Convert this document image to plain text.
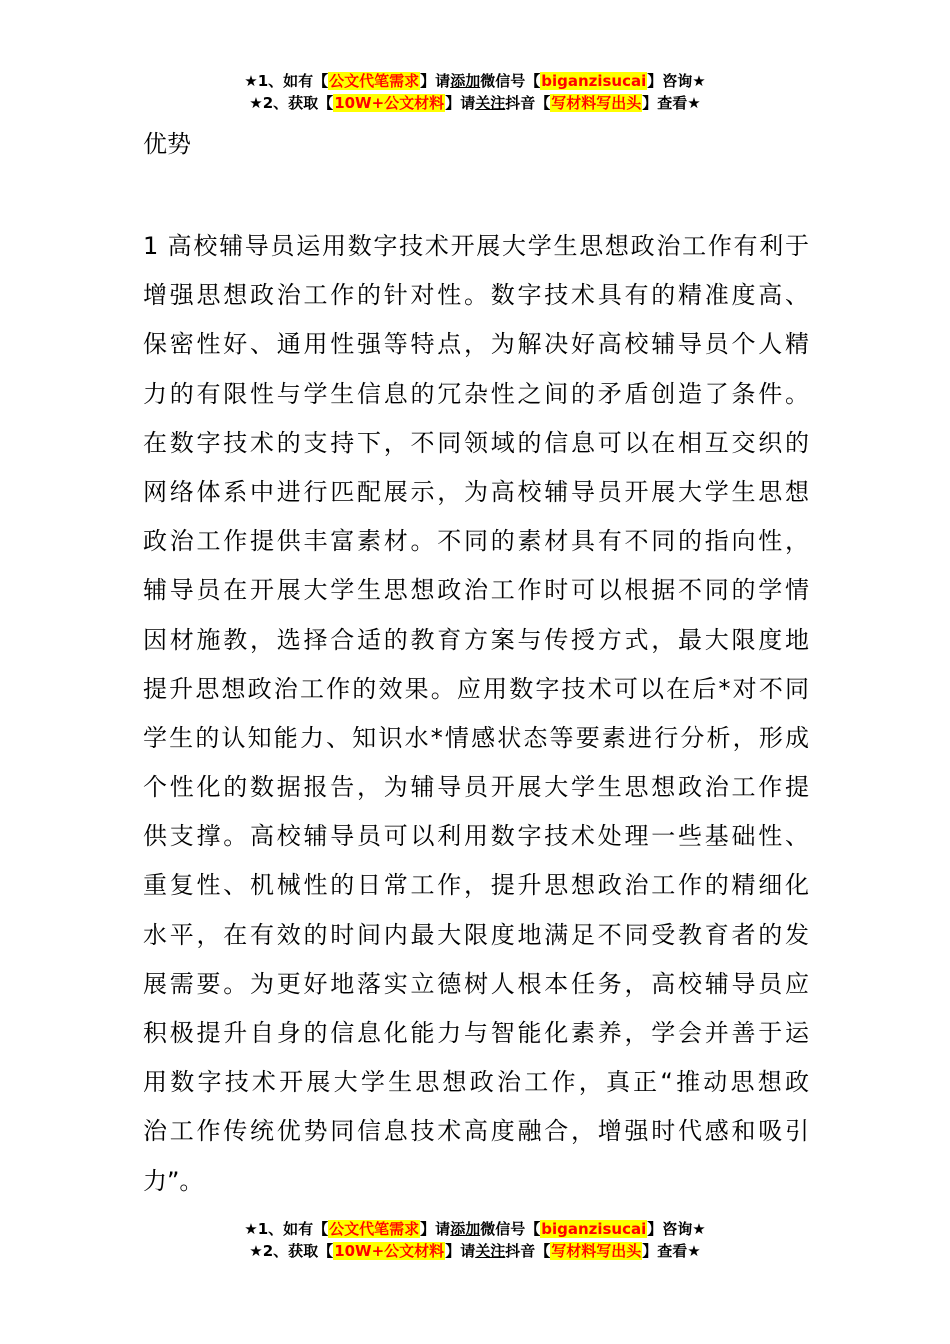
★1、如有【公文代笔需求】请添加微信号【biganzisucai】咨询★
★2、获取【10W+公文材料】请关注抖音【写材料写出头】查看★
优势
1 高校辅导员运用数字技术开展大学生思想政治工作有利于
增强思想政治工作的针对性。数字技术具有的精准度高、
保密性好、通用性强等特点，为解决好高校辅导员个人精
力的有限性与学生信息的冗杂性之间的矛盾创造了条件。
在数字技术的支持下，不同领域的信息可以在相互交织的
网络体系中进行匹配展示，为高校辅导员开展大学生思想
政治工作提供丰富素材。不同的素材具有不同的指向性，
辅导员在开展大学生思想政治工作时可以根据不同的学情
因材施教，选择合适的教育方案与传授方式，最大限度地
提升思想政治工作的效果。应用数字技术可以在后*对不同
学生的认知能力、知识水*情感状态等要素进行分析，形成
个性化的数据报告，为辅导员开展大学生思想政治工作提
供支撑。高校辅导员可以利用数字技术处理一些基础性、
重复性、机械性的日常工作，提升思想政治工作的精细化
水平，在有效的时间内最大限度地满足不同受教育者的发
展需要。为更好地落实立德树人根本任务，高校辅导员应
积极提升自身的信息化能力与智能化素养，学会并善于运
用数字技术开展大学生思想政治工作，真正“推动思想政
治工作传统优势同信息技术高度融合，增强时代感和吸引
力”。
★1、如有【公文代笔需求】请添加微信号【biganzisucai】咨询★
★2、获取【10W+公文材料】请关注抖音【写材料写出头】查看★
